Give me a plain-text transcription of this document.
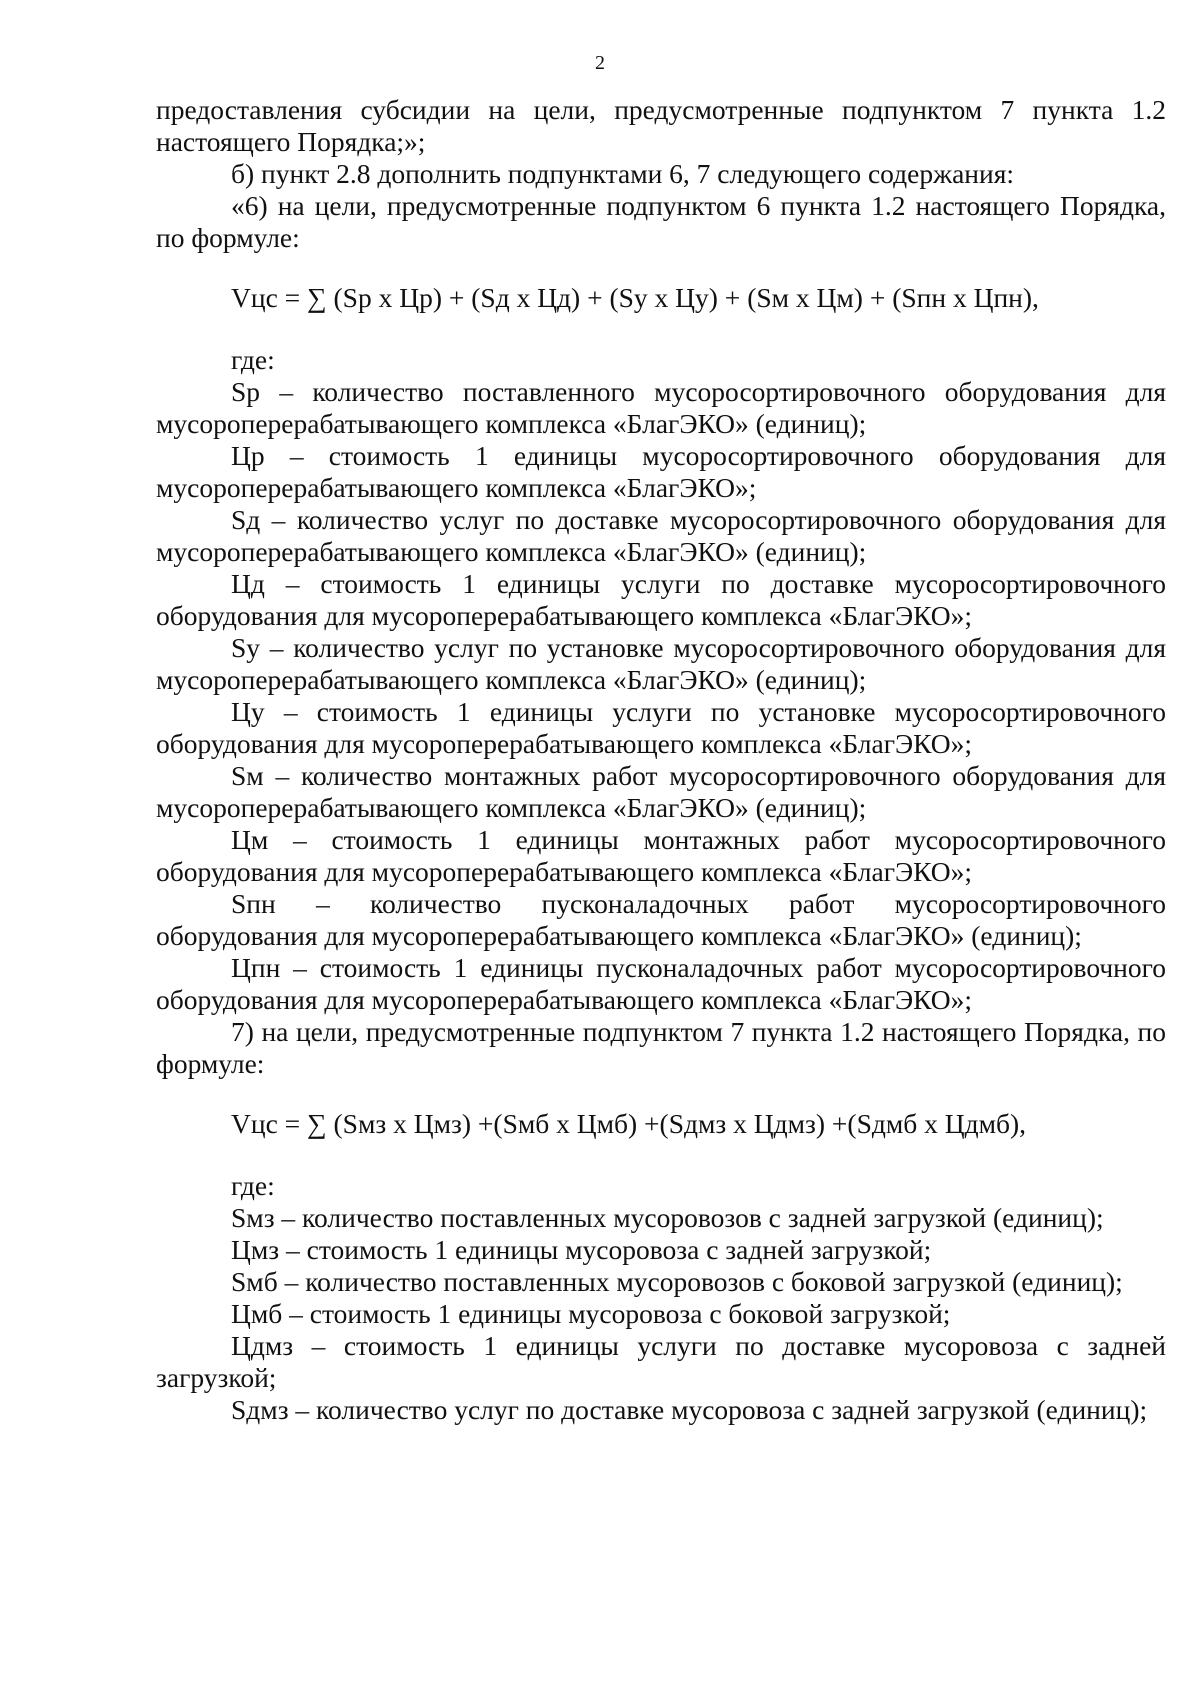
2

предоставления субсидии на цели, предусмотренные подпунктом 7 пункта 1.2 настоящего Порядка;»;

б) пункт 2.8 дополнить подпунктами 6, 7 следующего содержания:

«6) на цели, предусмотренные подпунктом 6 пункта 1.2 настоящего Порядка, по формуле:

Vцс = ∑ (Sр х Цр) + (Sд х Цд) + (Sу х Цу) + (Sм х Цм) + (Sпн х Цпн),

где:

Sр – количество поставленного мусоросортировочного оборудования для мусороперерабатывающего комплекса «БлагЭКО» (единиц);

Цр – стоимость 1 единицы мусоросортировочного оборудования для мусороперерабатывающего комплекса «БлагЭКО»;

Sд – количество услуг по доставке мусоросортировочного оборудования для мусороперерабатывающего комплекса «БлагЭКО» (единиц);

Цд – стоимость 1 единицы услуги по доставке мусоросортировочного оборудования для мусороперерабатывающего комплекса «БлагЭКО»;

Sу – количество услуг по установке мусоросортировочного оборудования для мусороперерабатывающего комплекса «БлагЭКО» (единиц);

Цу – стоимость 1 единицы услуги по установке мусоросортировочного оборудования для мусороперерабатывающего комплекса «БлагЭКО»;

Sм – количество монтажных работ мусоросортировочного оборудования для мусороперерабатывающего комплекса «БлагЭКО» (единиц);

Цм – стоимость 1 единицы монтажных работ мусоросортировочного оборудования для мусороперерабатывающего комплекса «БлагЭКО»;

Sпн – количество пусконаладочных работ мусоросортировочного оборудования для мусороперерабатывающего комплекса «БлагЭКО» (единиц);

Цпн – стоимость 1 единицы пусконаладочных работ мусоросортировочного оборудования для мусороперерабатывающего комплекса «БлагЭКО»;

7) на цели, предусмотренные подпунктом 7 пункта 1.2 настоящего Порядка, по формуле:

Vцс = ∑ (Sмз х Цмз) +(Sмб х Цмб) +(Sдмз х Цдмз) +(Sдмб х Цдмб),

где:

Sмз – количество поставленных мусоровозов с задней загрузкой (единиц);

Цмз – стоимость 1 единицы мусоровоза с задней загрузкой;

Sмб – количество поставленных мусоровозов с боковой загрузкой (единиц);

Цмб – стоимость 1 единицы мусоровоза с боковой загрузкой;

Цдмз – стоимость 1 единицы услуги по доставке мусоровоза с задней загрузкой;

Sдмз – количество услуг по доставке мусоровоза с задней загрузкой (единиц);
